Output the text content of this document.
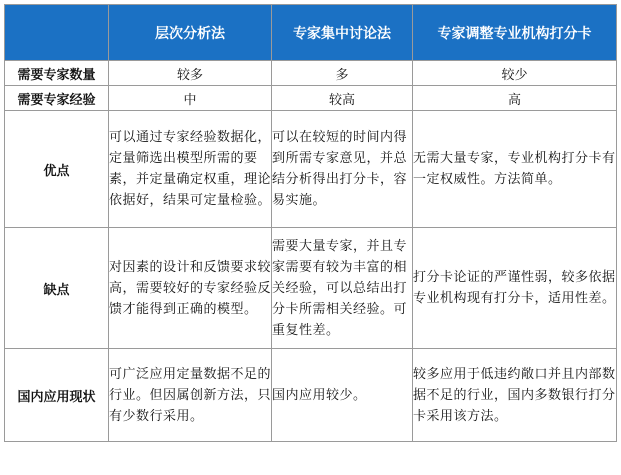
	层次分析法	专家集中讨论法	专家调整专业机构打分卡
需要专家数量	较多	多	较少
需要专家经验	中	较高	高
优点	可以通过专家经验数据化，定量筛选出模型所需的要素，并定量确定权重，理论依据好，结果可定量检验。	可以在较短的时间内得到所需专家意见，并总结分析得出打分卡，容易实施。	无需大量专家，专业机构打分卡有一定权威性。方法简单。
缺点	对因素的设计和反馈要求较高，需要较好的专家经验反馈才能得到正确的模型。	需要大量专家，并且专家需要有较为丰富的相关经验，可以总结出打分卡所需相关经验。可重复性差。	打分卡论证的严谨性弱，较多依据专业机构现有打分卡，适用性差。
国内应用现状	可广泛应用定量数据不足的行业。但因属创新方法，只有少数行采用。	国内应用较少。	较多应用于低违约敞口并且内部数据不足的行业，国内多数银行打分卡采用该方法。
